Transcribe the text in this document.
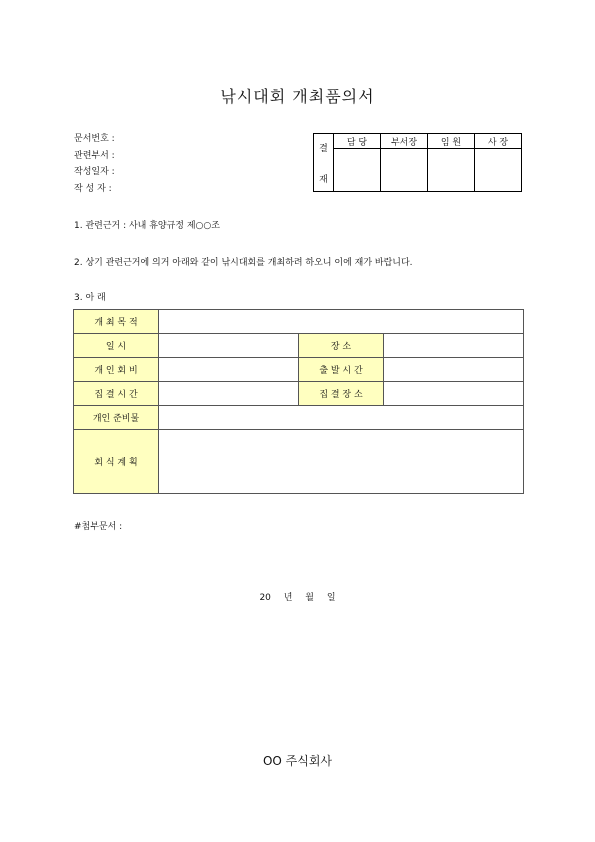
낚시대회 개최품의서
문서번호 :
관련부서 :
작성일자 :
작 성 자 :
결
재	담 당	부서장	임 원	사 장

1. 관련근거 : 사내 휴양규정 제○○조
2. 상기 관련근거에 의거 아래와 같이 낚시대회를 개최하려 하오니 이에 재가 바랍니다.
3. 아 래
개 최 목 적			
일 시		장 소	
개 인 회 비		출 발 시 간	
집 결 시 간		집 결 장 소	
개인 준비물			
회 식 계 획			
#첨부문서 :
20 년 월 일
OO 주식회사
